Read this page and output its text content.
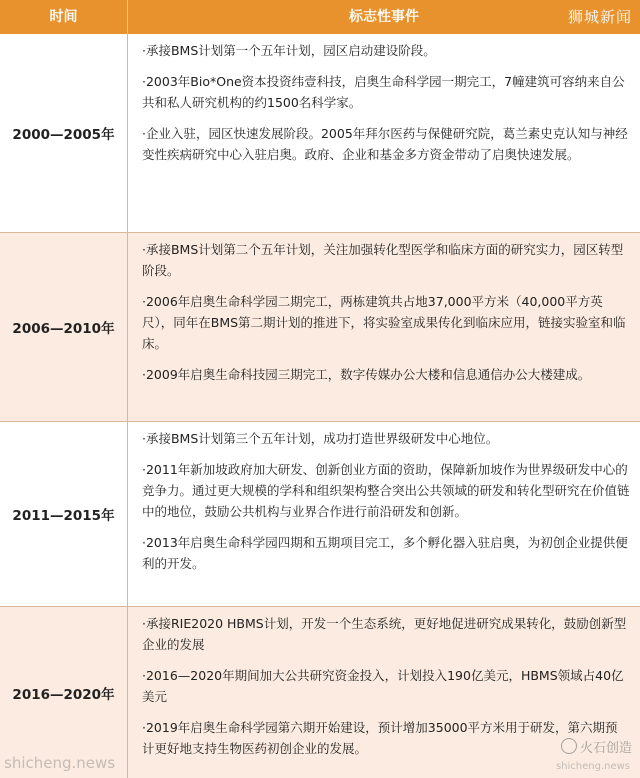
时间	标志性事件	狮城新闻
2000—2005年
·承接BMS计划第一个五年计划，园区启动建设阶段。
·2003年Bio*One资本投资纬壹科技，启奥生命科学园一期完工，7幢建筑可容纳来自公共和私人研究机构的约1500名科学家。
·企业入驻，园区快速发展阶段。2005年拜尔医药与保健研究院，葛兰素史克认知与神经变性疾病研究中心入驻启奥。政府、企业和基金多方资金带动了启奥快速发展。
2006—2010年
·承接BMS计划第二个五年计划，关注加强转化型医学和临床方面的研究实力，园区转型阶段。
·2006年启奥生命科学园二期完工，两栋建筑共占地37,000平方米（40,000平方英尺），同年在BMS第二期计划的推进下，将实验室成果传化到临床应用，链接实验室和临床。
·2009年启奥生命科技园三期完工，数字传媒办公大楼和信息通信办公大楼建成。
2011—2015年
·承接BMS计划第三个五年计划，成功打造世界级研发中心地位。
·2011年新加坡政府加大研发、创新创业方面的资助，保障新加坡作为世界级研发中心的竞争力。通过更大规模的学科和组织架构整合突出公共领域的研发和转化型研究在价值链中的地位，鼓励公共机构与业界合作进行前沿研发和创新。
·2013年启奥生命科学园四期和五期项目完工，多个孵化器入驻启奥，为初创企业提供便利的开发。
2016—2020年
·承接RIE2020 HBMS计划，开发一个生态系统，更好地促进研究成果转化，鼓励创新型企业的发展
·2016—2020年期间加大公共研究资金投入，计划投入190亿美元，HBMS领域占40亿美元
·2019年启奥生命科学园第六期开始建设，预计增加35000平方米用于研发，第六期预计更好地支持生物医药初创企业的发展。
shicheng.news
火石创造
shicheng.news
